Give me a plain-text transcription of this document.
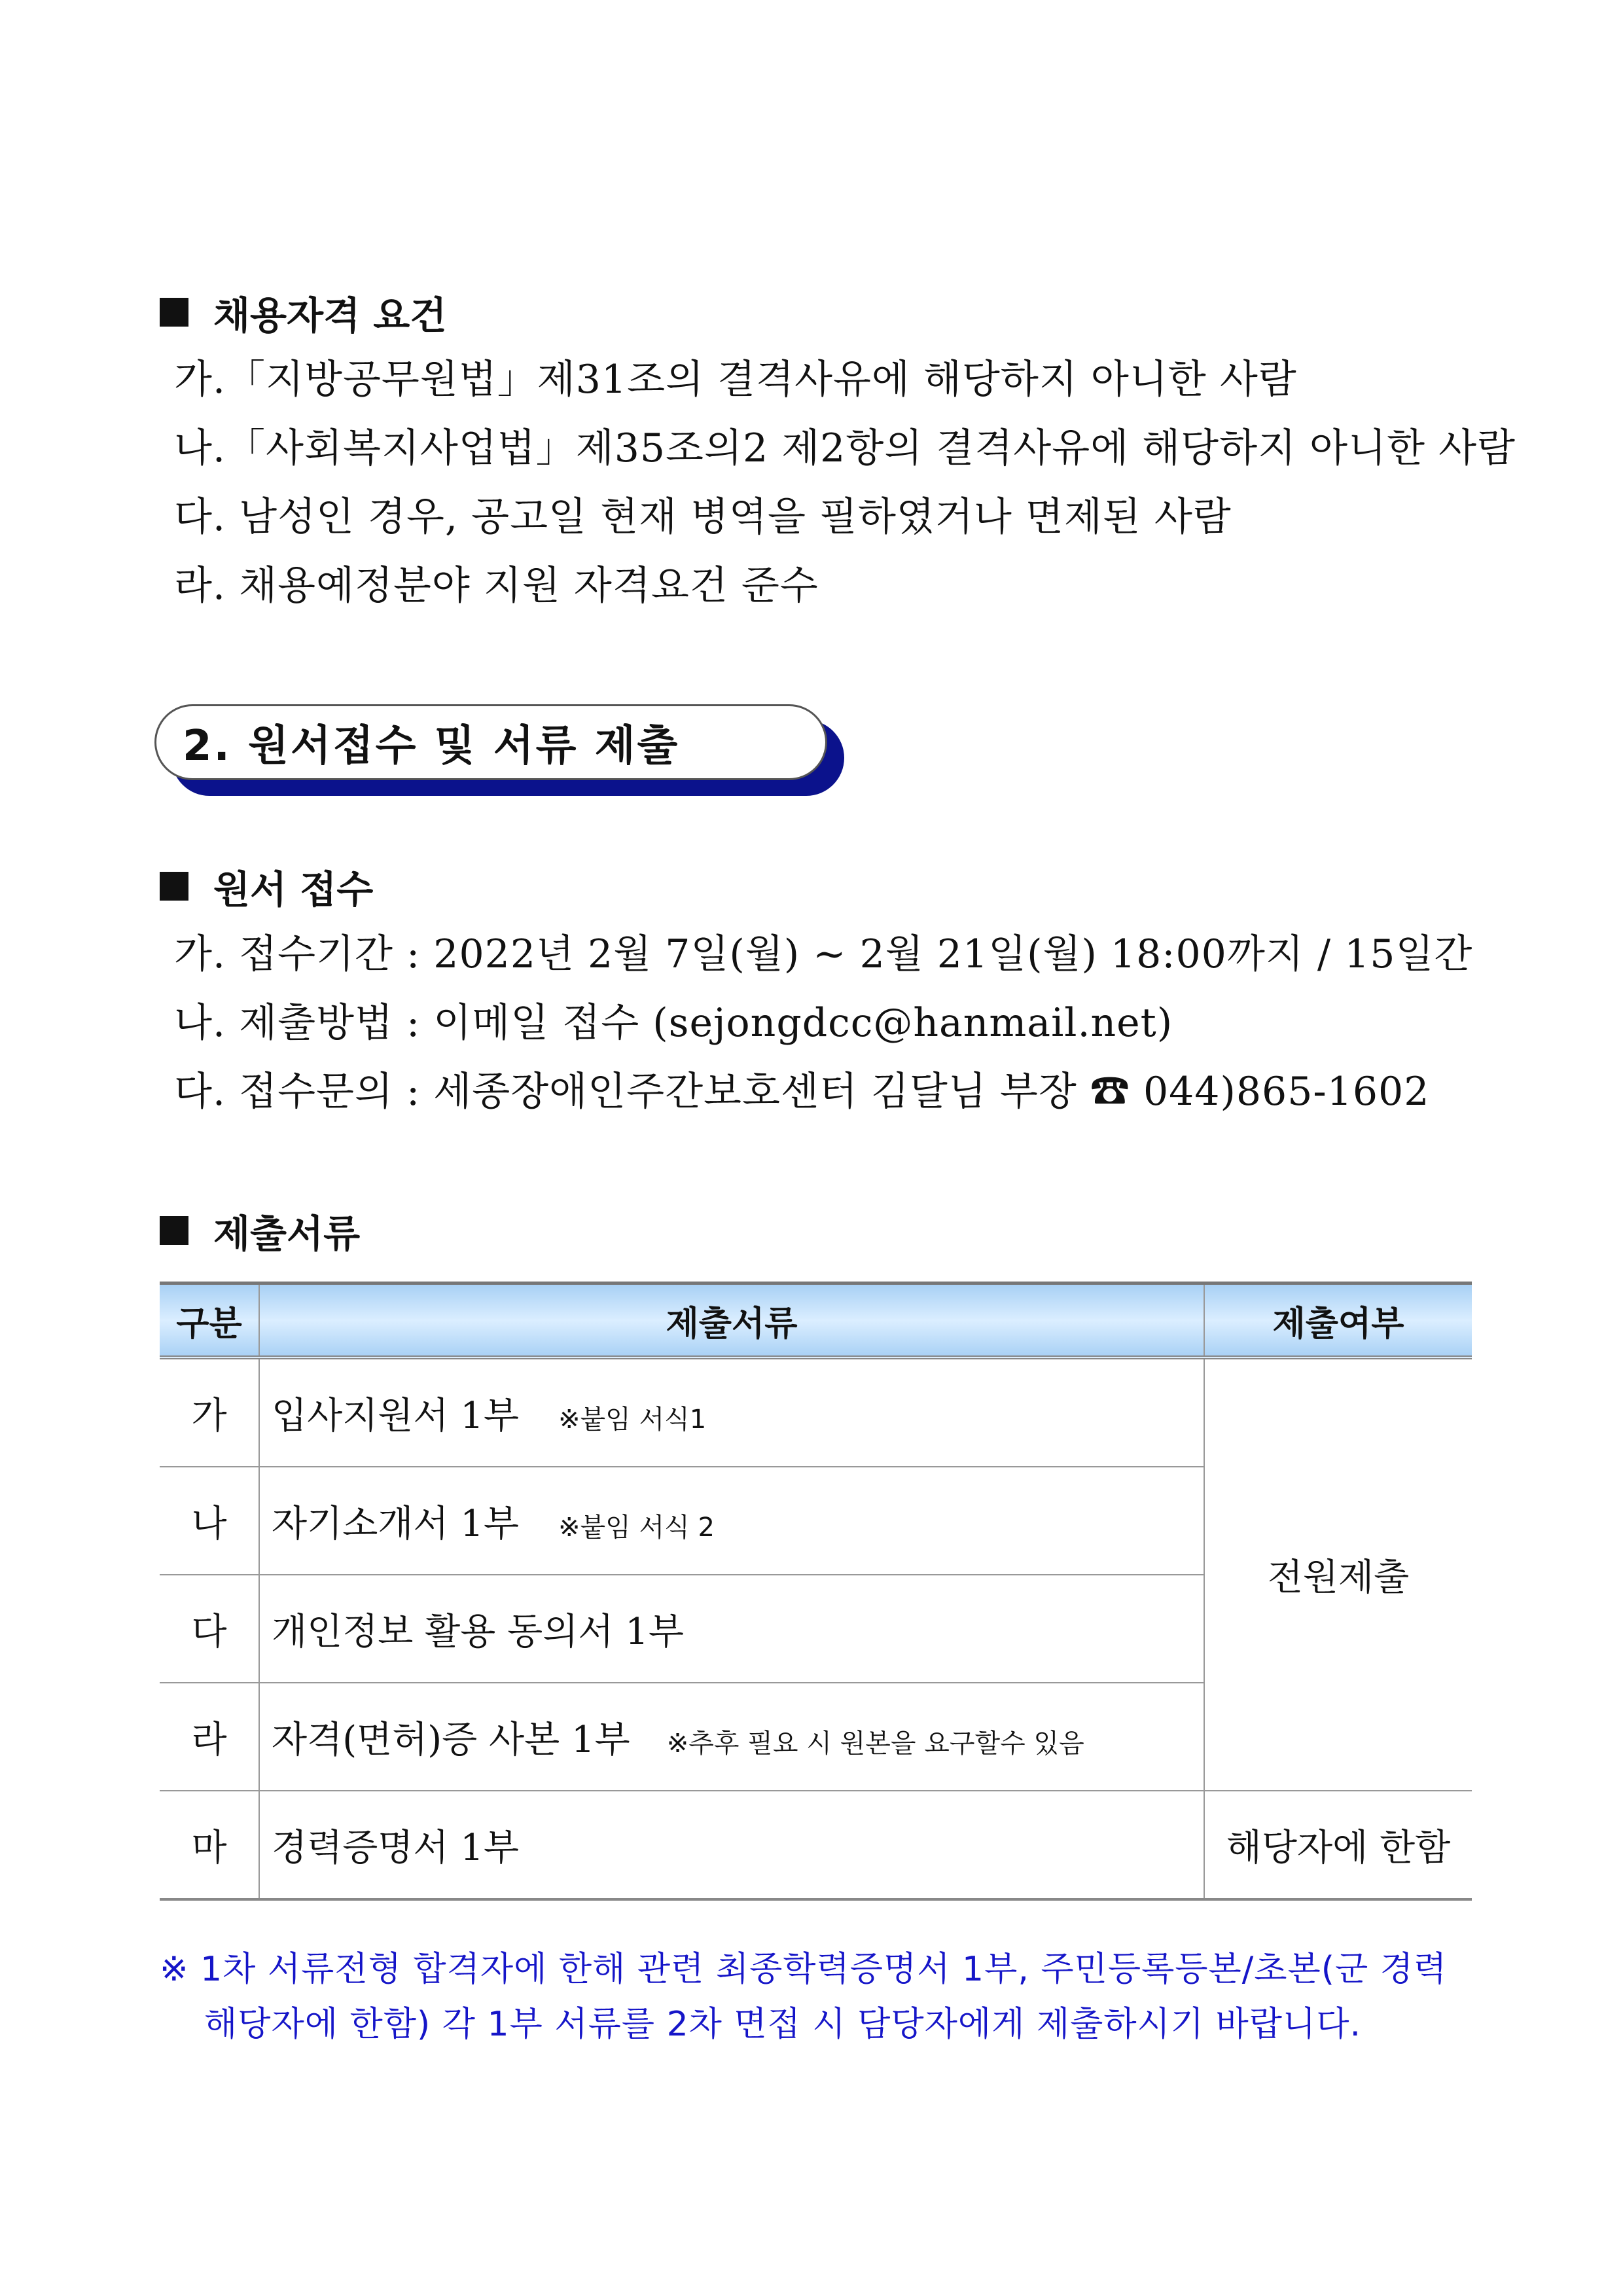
채용자격 요건
가.「지방공무원법」제31조의 결격사유에 해당하지 아니한 사람
나.「사회복지사업법」제35조의2 제2항의 결격사유에 해당하지 아니한 사람
다. 남성인 경우, 공고일 현재 병역을 필하였거나 면제된 사람
라. 채용예정분야 지원 자격요건 준수
2. 원서접수 및 서류 제출
원서 접수
가. 접수기간 : 2022년 2월 7일(월) ~ 2월 21일(월) 18:00까지 / 15일간
나. 제출방법 : 이메일 접수 (sejongdcc@hanmail.net)
다. 접수문의 : 세종장애인주간보호센터 김달님 부장 ☎ 044)865-1602
제출서류
구분	제출서류	제출여부
가	입사지원서 1부 ※붙임 서식1	전원제출
나	자기소개서 1부 ※붙임 서식 2	
다	개인정보 활용 동의서 1부	
라	자격(면허)증 사본 1부 ※추후 필요 시 원본을 요구할수 있음	
마	경력증명서 1부	해당자에 한함
※ 1차 서류전형 합격자에 한해 관련 최종학력증명서 1부, 주민등록등본/초본(군 경력
해당자에 한함) 각 1부 서류를 2차 면접 시 담당자에게 제출하시기 바랍니다.
